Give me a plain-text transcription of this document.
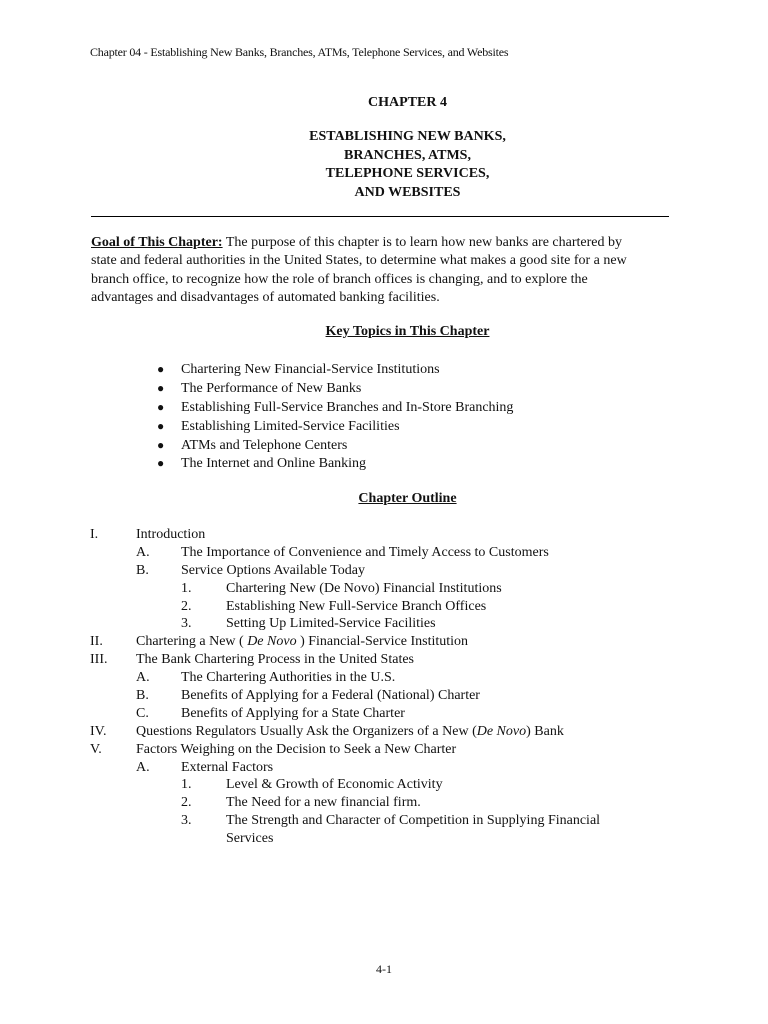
Chapter 04 - Establishing New Banks, Branches, ATMs, Telephone Services, and Websites
CHAPTER 4
ESTABLISHING NEW BANKS,
BRANCHES, ATMS,
TELEPHONE SERVICES,
AND WEBSITES
Goal of This Chapter: The purpose of this chapter is to learn how new banks are chartered by
state and federal authorities in the United States, to determine what makes a good site for a new
branch office, to recognize how the role of branch offices is changing, and to explore the
advantages and disadvantages of automated banking facilities.
Key Topics in This Chapter
● Chartering New Financial-Service Institutions
● The Performance of New Banks
● Establishing Full-Service Branches and In-Store Branching
● Establishing Limited-Service Facilities
● ATMs and Telephone Centers
● The Internet and Online Banking
Chapter Outline
I.	Introduction
A. The Importance of Convenience and Timely Access to Customers
B. Service Options Available Today
1. Chartering New (De Novo) Financial Institutions
2. Establishing New Full-Service Branch Offices
3. Setting Up Limited-Service Facilities
II. Chartering a New ( De Novo ) Financial-Service Institution
III. The Bank Chartering Process in the United States
A. The Chartering Authorities in the U.S.
B. Benefits of Applying for a Federal (National) Charter
C. Benefits of Applying for a State Charter
IV. Questions Regulators Usually Ask the Organizers of a New (De Novo) Bank
V. Factors Weighing on the Decision to Seek a New Charter
A. External Factors
1. Level & Growth of Economic Activity
2. The Need for a new financial firm.
3. The Strength and Character of Competition in Supplying Financial
Services
4-1
